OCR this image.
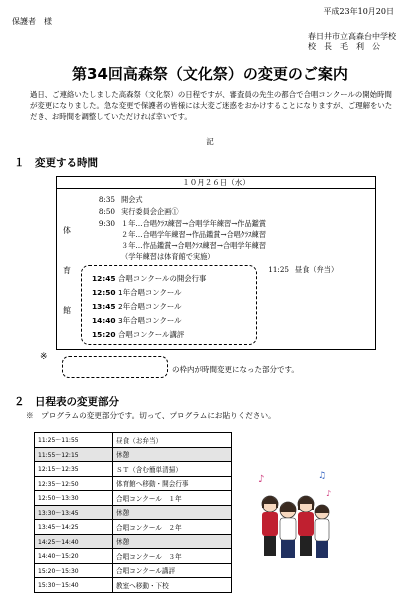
平成23年10月20日
保護者　様
春日井市立高森台中学校
校　長　毛　利　公
第34回高森祭（文化祭）の変更のご案内
過日、ご連絡いたしました高森祭（文化祭）の日程ですが、審査員の先生の都合で合唱コンクールの開始時間が変更になりました。急な変更で保護者の皆様には大変ご迷惑をおかけすることになりますが、ご理解をいただき、お時間を調整していただければ幸いです。
記
１　変更する時間
１０月２６日（水）
体
育
館
8:35 開会式
8:50 実行委員会企画①
9:30 １年…合唱ｸﾗｽ練習→合唱学年練習→作品鑑賞
２年…合唱学年練習→作品鑑賞→合唱ｸﾗｽ練習
３年…作品鑑賞→合唱ｸﾗｽ練習→合唱学年練習
（学年練習は体育館で実施）
11:25 昼食（弁当）
12:45 合唱コンクールの開会行事
12:50 1年合唱コンクール
13:45 2年合唱コンクール
14:40 3年合唱コンクール
15:20 合唱コンクール講評
※
の枠内が時間変更になった部分です。
２　日程表の変更部分
※　プログラムの変更部分です。切って、プログラムにお貼りください。
11:25～11:55	昼食（お弁当）
11:55～12:15	休憩
12:15～12:35	ＳＴ（含む簡単清掃）
12:35～12:50	体育館へ移動・開会行事
12:50～13:30	合唱コンクール　１年
13:30～13:45	休憩
13:45～14:25	合唱コンクール　２年
14:25～14:40	休憩
14:40～15:20	合唱コンクール　３年
15:20～15:30	合唱コンクール講評
15:30～15:40	教室へ移動・下校
♪	♫
♪
